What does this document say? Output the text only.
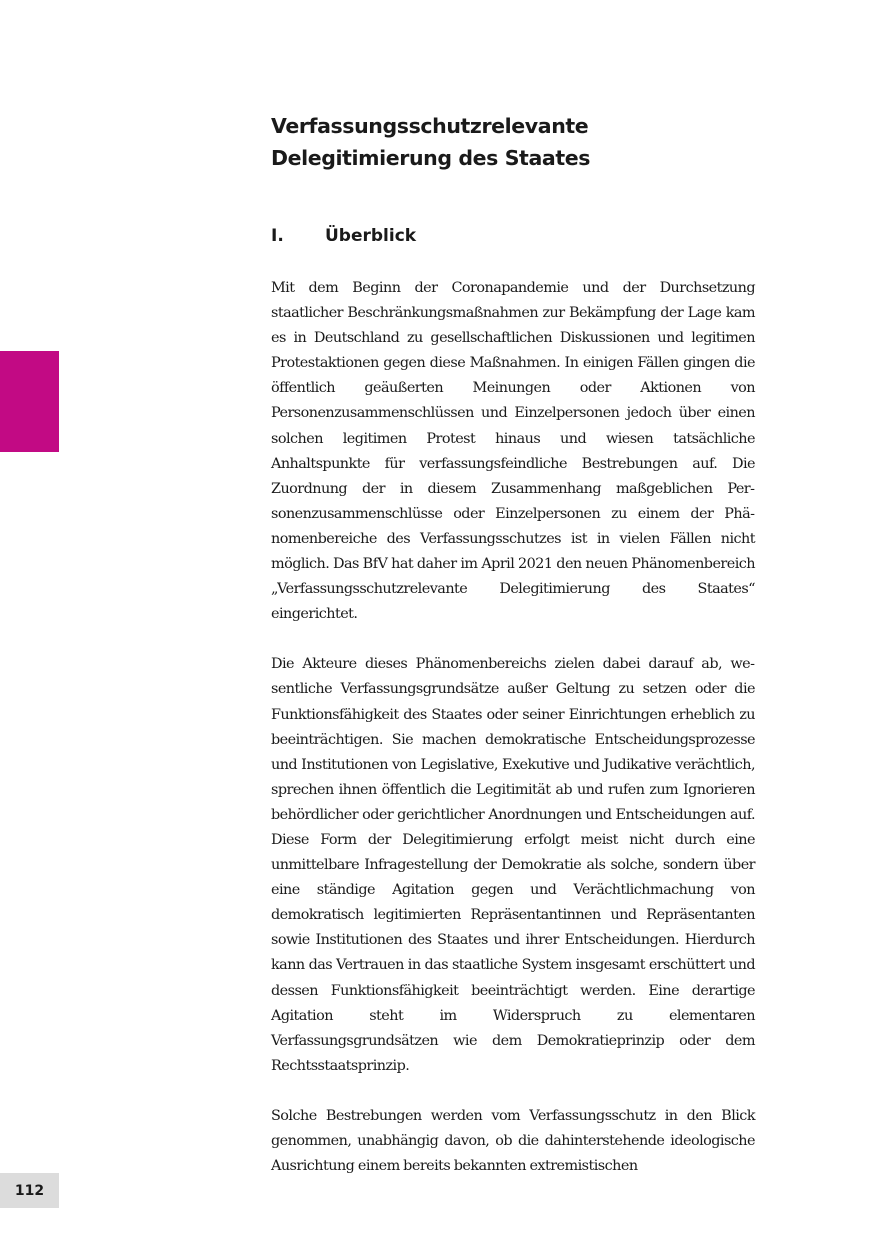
112
Verfassungsschutzrelevante Delegitimierung des Staates
I.	Überblick

Mit dem Beginn der Coronapandemie und der Durchsetzung staatlicher Beschränkungsmaßnahmen zur Bekämpfung der Lage kam es in Deutschland zu gesellschaftlichen Diskussionen und legitimen Protestaktionen gegen diese Maßnahmen. In einigen Fällen gingen die öffentlich geäußerten Meinungen oder Aktionen von Personenzusammenschlüssen und Einzelpersonen jedoch über einen solchen legitimen Protest hinaus und wiesen tatsächliche Anhaltspunkte für verfassungsfeindliche Bestrebungen auf. Die Zuordnung der in diesem Zusammenhang maßgeblichen Personenzusammenschlüsse oder Einzelpersonen zu einem der Phänomenbereiche des Verfassungsschutzes ist in vielen Fällen nicht möglich. Das BfV hat daher im April 2021 den neuen Phänomenbereich „Verfassungsschutzrelevante Delegitimierung des Staates“ eingerichtet.

Die Akteure dieses Phänomenbereichs zielen dabei darauf ab, wesentliche Verfassungsgrundsätze außer Geltung zu setzen oder die Funktionsfähigkeit des Staates oder seiner Einrichtungen erheblich zu beeinträchtigen. Sie machen demokratische Entscheidungsprozesse und Institutionen von Legislative, Exekutive und Judikative verächtlich, sprechen ihnen öffentlich die Legitimität ab und rufen zum Ignorieren behördlicher oder gerichtlicher Anordnungen und Entscheidungen auf. Diese Form der Delegitimierung erfolgt meist nicht durch eine unmittelbare Infragestellung der Demokratie als solche, sondern über eine ständige Agitation gegen und Verächtlichmachung von demokratisch legitimierten Repräsentantinnen und Repräsentanten sowie Institutionen des Staates und ihrer Entscheidungen. Hierdurch kann das Vertrauen in das staatliche System insgesamt erschüttert und dessen Funktionsfähigkeit beeinträchtigt werden. Eine derartige Agitation steht im Widerspruch zu elementaren Verfassungsgrundsätzen wie dem Demokratieprinzip oder dem Rechtsstaatsprinzip.

Solche Bestrebungen werden vom Verfassungsschutz in den Blick genommen, unabhängig davon, ob die dahinterstehende ideologische Ausrichtung einem bereits bekannten extremistischen
